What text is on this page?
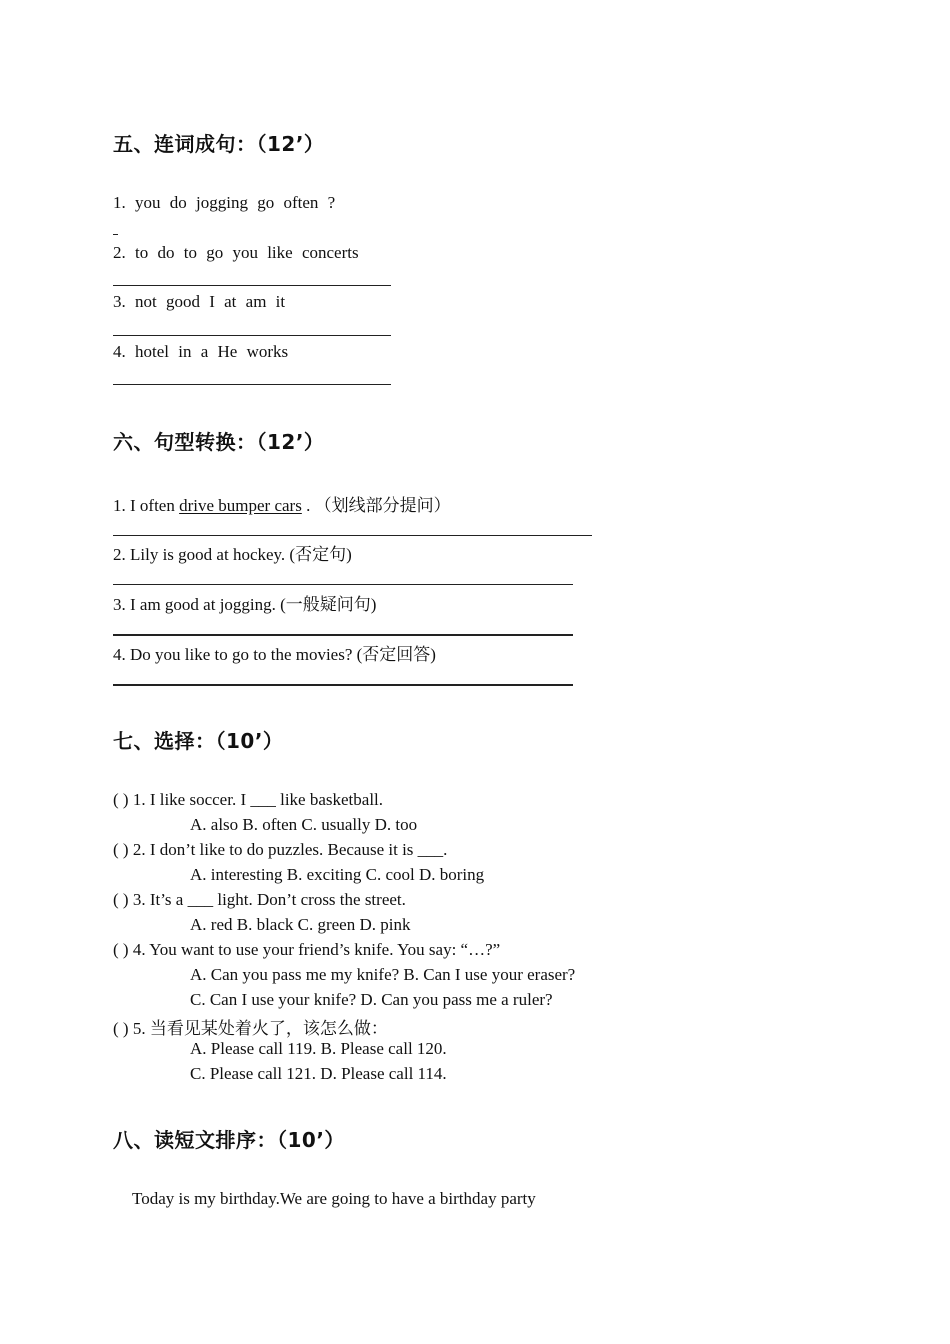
五、连词成句：（12’）
1. you do jogging go often ?
2. to do to go you like concerts
3. not good I at am it
4. hotel in a He works
六、句型转换：（12’）
1. I often drive bumper cars . （划线部分提问）
2. Lily is good at hockey. (否定句)
3. I am good at jogging. (一般疑问句)
4. Do you like to go to the movies? (否定回答)
七、选择：（10’）
( ) 1. I like soccer. I ___ like basketball.
A. also B. often C. usually D. too
( ) 2. I don’t like to do puzzles. Because it is ___.
A. interesting B. exciting C. cool D. boring
( ) 3. It’s a ___ light. Don’t cross the street.
A. red B. black C. green D. pink
( ) 4. You want to use your friend’s knife. You say: “…?”
A. Can you pass me my knife? B. Can I use your eraser?
C. Can I use your knife? D. Can you pass me a ruler?
( ) 5. 当看见某处着火了，该怎么做：
A. Please call 119. B. Please call 120.
C. Please call 121. D. Please call 114.
八、读短文排序：（10’）
Today is my birthday.We are going to have a birthday party
